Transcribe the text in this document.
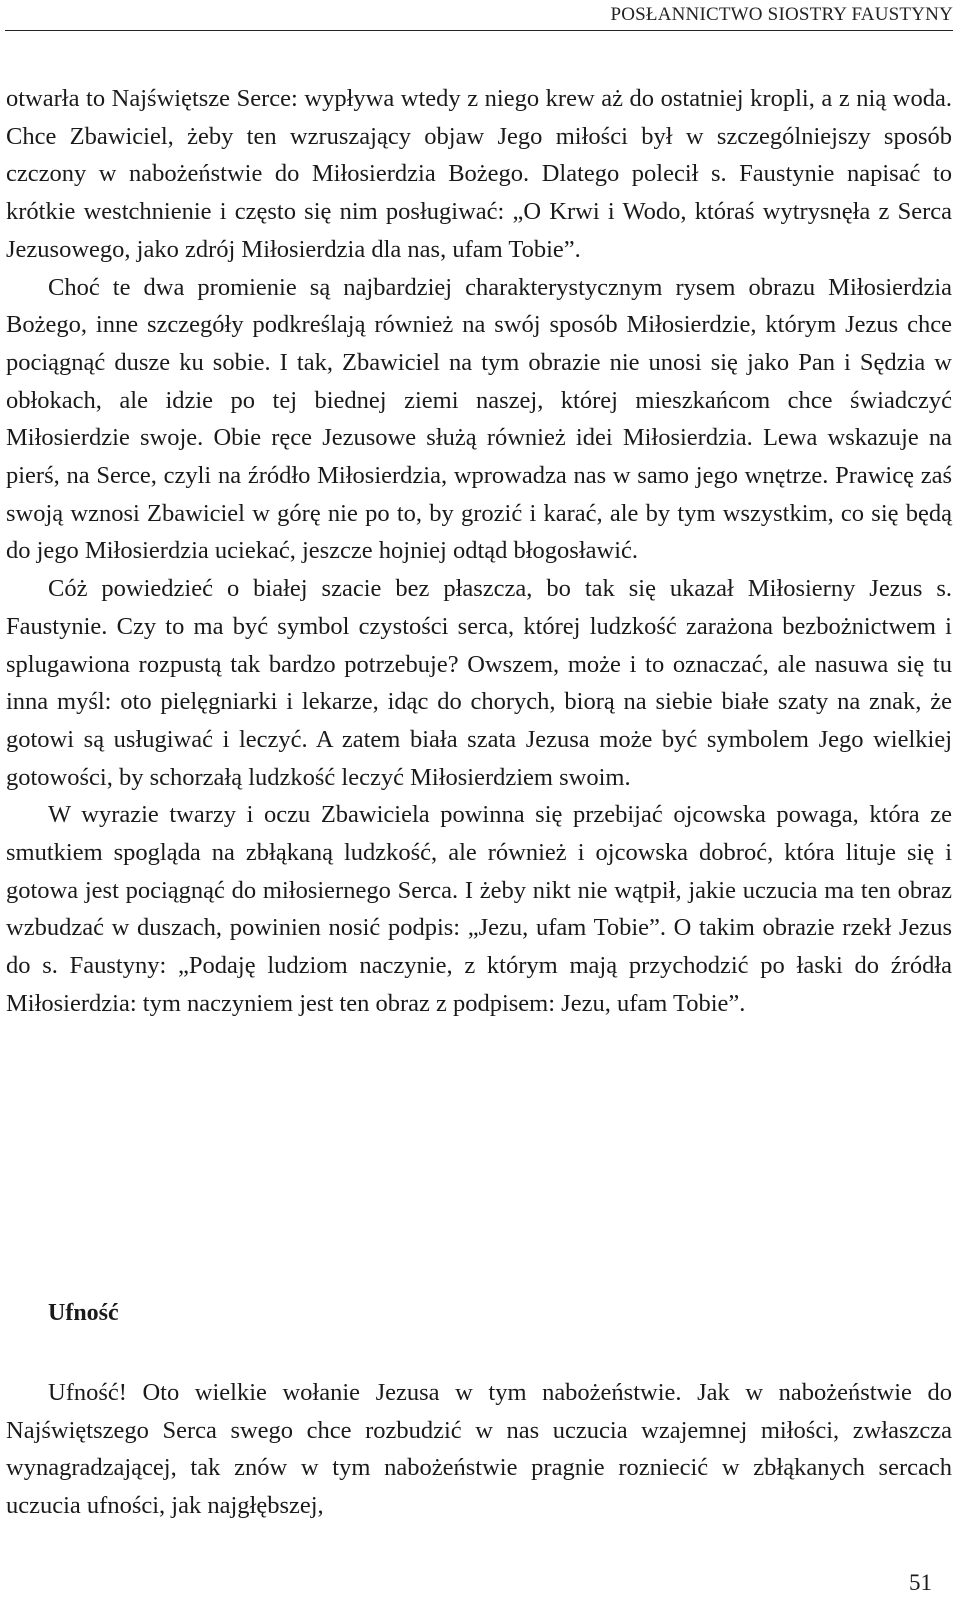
POSŁANNICTWO SIOSTRY FAUSTYNY

otwarła to Najświętsze Serce: wypływa wtedy z niego krew aż do ostatniej kropli, a z nią woda. Chce Zbawiciel, żeby ten wzruszający objaw Jego miłości był w szczególniejszy sposób czczony w nabożeństwie do Miłosierdzia Bożego. Dlatego polecił s. Faustynie napisać to krótkie westchnienie i często się nim posługiwać: „O Krwi i Wodo, któraś wytrysnęła z Serca Jezusowego, jako zdrój Miłosierdzia dla nas, ufam Tobie”.

Choć te dwa promienie są najbardziej charakterystycznym rysem obrazu Miłosierdzia Bożego, inne szczegóły podkreślają również na swój sposób Miłosierdzie, którym Jezus chce pociągnąć dusze ku sobie. I tak, Zbawiciel na tym obrazie nie unosi się jako Pan i Sędzia w obłokach, ale idzie po tej biednej ziemi naszej, której mieszkańcom chce świadczyć Miłosierdzie swoje. Obie ręce Jezusowe służą również idei Miłosierdzia. Lewa wskazuje na pierś, na Serce, czyli na źródło Miłosierdzia, wprowadza nas w samo jego wnętrze. Prawicę zaś swoją wznosi Zbawiciel w górę nie po to, by grozić i karać, ale by tym wszystkim, co się będą do jego Miłosierdzia uciekać, jeszcze hojniej odtąd błogosławić.

Cóż powiedzieć o białej szacie bez płaszcza, bo tak się ukazał Miłosierny Jezus s. Faustynie. Czy to ma być symbol czystości serca, której ludzkość zarażona bezbożnictwem i splugawiona rozpustą tak bardzo potrzebuje? Owszem, może i to oznaczać, ale nasuwa się tu inna myśl: oto pielęgniarki i lekarze, idąc do chorych, biorą na siebie białe szaty na znak, że gotowi są usługiwać i leczyć. A zatem biała szata Jezusa może być symbolem Jego wielkiej gotowości, by schorzałą ludzkość leczyć Miłosierdziem swoim.

W wyrazie twarzy i oczu Zbawiciela powinna się przebijać ojcowska powaga, która ze smutkiem spogląda na zbłąkaną ludzkość, ale również i ojcowska dobroć, która lituje się i gotowa jest pociągnąć do miłosiernego Serca. I żeby nikt nie wątpił, jakie uczucia ma ten obraz wzbudzać w duszach, powinien nosić podpis: „Jezu, ufam Tobie”. O takim obrazie rzekł Jezus do s. Faustyny: „Podaję ludziom naczynie, z którym mają przychodzić po łaski do źródła Miłosierdzia: tym naczyniem jest ten obraz z podpisem: Jezu, ufam Tobie”.

Ufność

Ufność! Oto wielkie wołanie Jezusa w tym nabożeństwie. Jak w nabożeństwie do Najświętszego Serca swego chce rozbudzić w nas uczucia wzajemnej miłości, zwłaszcza wynagradzającej, tak znów w tym nabożeństwie pragnie rozniecić w zbłąkanych sercach uczucia ufności, jak najgłębszej,

51
